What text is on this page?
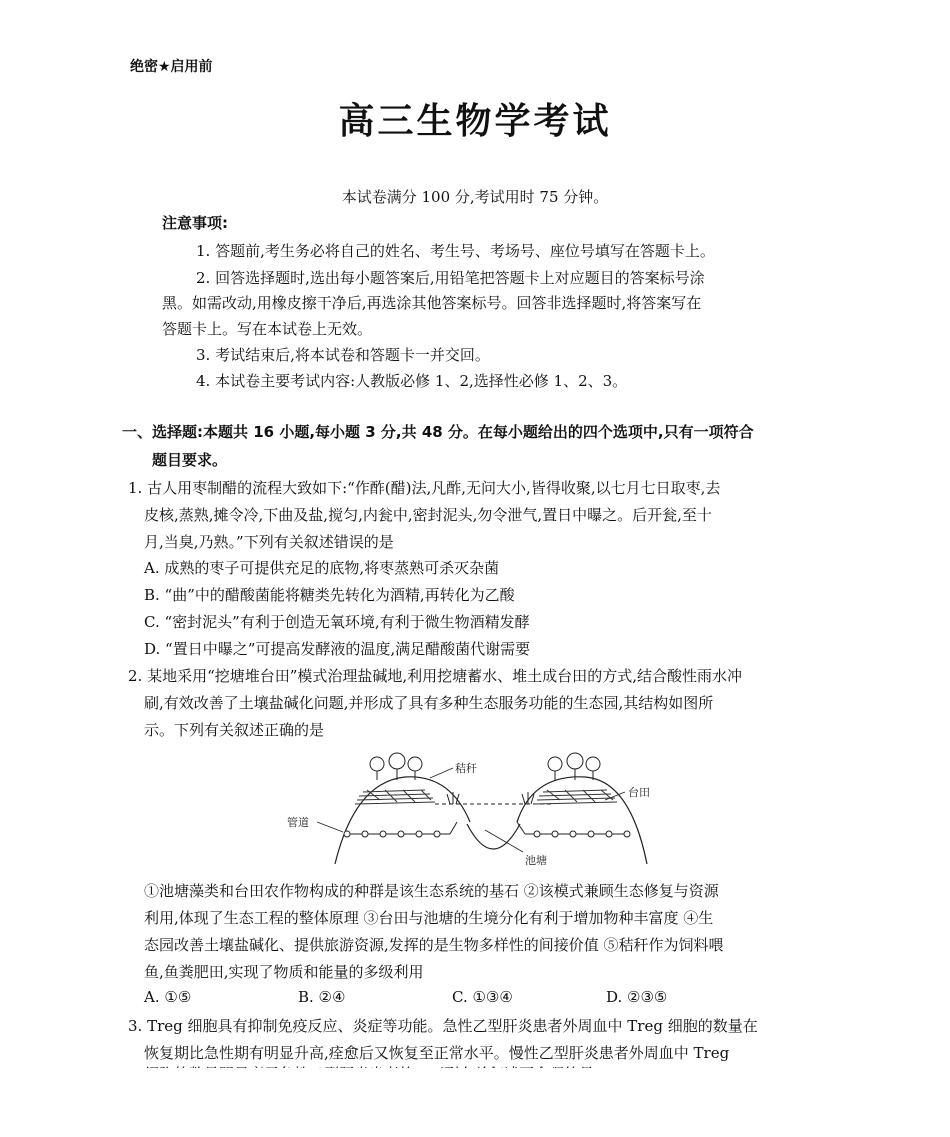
绝密★启用前
高三生物学考试
本试卷满分 100 分,考试用时 75 分钟。
注意事项:
1. 答题前,考生务必将自己的姓名、考生号、考场号、座位号填写在答题卡上。
2. 回答选择题时,选出每小题答案后,用铅笔把答题卡上对应题目的答案标号涂
黑。如需改动,用橡皮擦干净后,再选涂其他答案标号。回答非选择题时,将答案写在
答题卡上。写在本试卷上无效。
3. 考试结束后,将本试卷和答题卡一并交回。
4. 本试卷主要考试内容:人教版必修 1、2,选择性必修 1、2、3。
一、选择题:本题共 16 小题,每小题 3 分,共 48 分。在每小题给出的四个选项中,只有一项符合
题目要求。
1. 古人用枣制醋的流程大致如下:“作酢(醋)法,凡酢,无问大小,皆得收聚,以七月七日取枣,去
皮核,蒸熟,摊令冷,下曲及盐,搅匀,内瓮中,密封泥头,勿令泄气,置日中曝之。后开瓮,至十
月,当臭,乃熟。”下列有关叙述错误的是
A. 成熟的枣子可提供充足的底物,将枣蒸熟可杀灭杂菌
B. “曲”中的醋酸菌能将糖类先转化为酒精,再转化为乙酸
C. “密封泥头”有利于创造无氧环境,有利于微生物酒精发酵
D. “置日中曝之”可提高发酵液的温度,满足醋酸菌代谢需要
2. 某地采用“挖塘堆台田”模式治理盐碱地,利用挖塘蓄水、堆土成台田的方式,结合酸性雨水冲
刷,有效改善了土壤盐碱化问题,并形成了具有多种生态服务功能的生态园,其结构如图所
示。下列有关叙述正确的是
秸秆
台田
管道
池塘
①池塘藻类和台田农作物构成的种群是该生态系统的基石 ②该模式兼顾生态修复与资源
利用,体现了生态工程的整体原理 ③台田与池塘的生境分化有利于增加物种丰富度 ④生
态园改善土壤盐碱化、提供旅游资源,发挥的是生物多样性的间接价值 ⑤秸秆作为饲料喂
鱼,鱼粪肥田,实现了物质和能量的多级利用
A. ①⑤	B. ②④	C. ①③④	D. ②③⑤
3. Treg 细胞具有抑制免疫反应、炎症等功能。急性乙型肝炎患者外周血中 Treg 细胞的数量在
恢复期比急性期有明显升高,痊愈后又恢复至正常水平。慢性乙型肝炎患者外周血中 Treg
